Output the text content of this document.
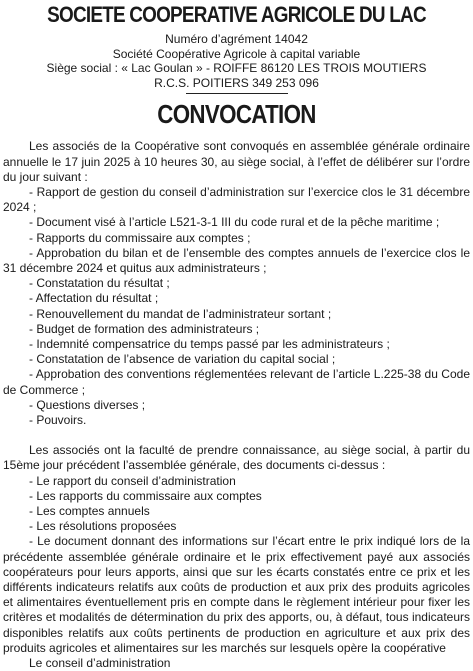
SOCIETE COOPERATIVE AGRICOLE DU LAC
Numéro d’agrément 14042
Société Coopérative Agricole à capital variable
Siège social : « Lac Goulan » - ROIFFE 86120 LES TROIS MOUTIERS
R.C.S. POITIERS 349 253 096
CONVOCATION

Les associés de la Coopérative sont convoqués en assemblée générale ordinaire annuelle le 17 juin 2025 à 10 heures 30, au siège social, à l’effet de délibérer sur l’ordre du jour suivant :

- Rapport de gestion du conseil d’administration sur l’exercice clos le 31 décembre 2024 ;
- Document visé à l’article L521-3-1 III du code rural et de la pêche maritime ;
- Rapports du commissaire aux comptes ;
- Approbation du bilan et de l’ensemble des comptes annuels de l’exercice clos le 31 décembre 2024 et quitus aux administrateurs ;
- Constatation du résultat ;
- Affectation du résultat ;
- Renouvellement du mandat de l’administrateur sortant ;
- Budget de formation des administrateurs ;
- Indemnité compensatrice du temps passé par les administrateurs ;
- Constatation de l’absence de variation du capital social ;
- Approbation des conventions réglementées relevant de l’article L.225-38 du Code de Commerce ;
- Questions diverses ;
- Pouvoirs.

Les associés ont la faculté de prendre connaissance, au siège social, à partir du 15ème jour précédent l’assemblée générale, des documents ci-dessus :

- Le rapport du conseil d’administration
- Les rapports du commissaire aux comptes
- Les comptes annuels
- Les résolutions proposées
- Le document donnant des informations sur l’écart entre le prix indiqué lors de la précédente assemblée générale ordinaire et le prix effectivement payé aux associés coopérateurs pour leurs apports, ainsi que sur les écarts constatés entre ce prix et les différents indicateurs relatifs aux coûts de production et aux prix des produits agricoles et alimentaires éventuellement pris en compte dans le règlement intérieur pour fixer les critères et modalités de détermination du prix des apports, ou, à défaut, tous indicateurs disponibles relatifs aux coûts pertinents de production en agriculture et aux prix des produits agricoles et alimentaires sur les marchés sur lesquels opère la coopérative

Le conseil d’administration
